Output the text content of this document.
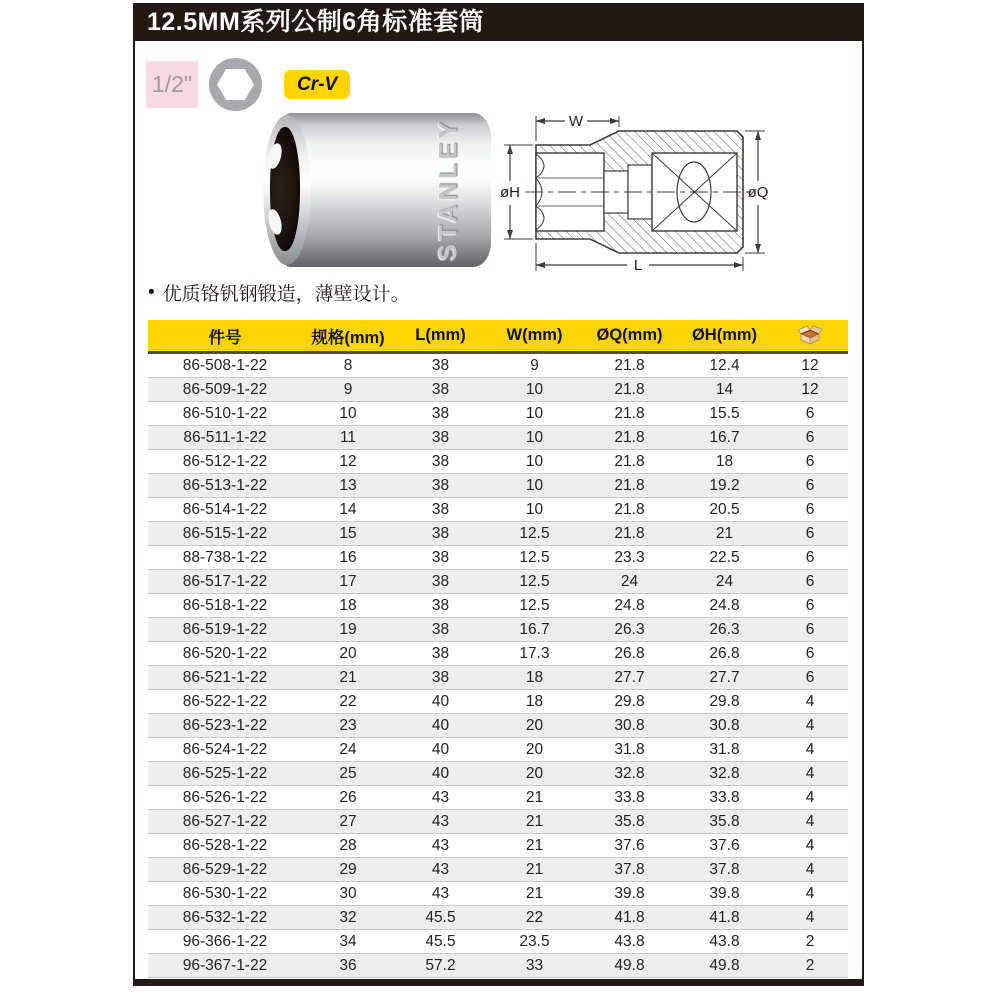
12.5MM系列公制6角标准套筒
1/2"	Cr-V
STANLEY	W
øH	øQ
L
• 优质铬钒钢锻造，薄壁设计。
件号	规格(mm)	L(mm)	W(mm)	ØQ(mm)	ØH(mm)	
86-508-1-22	8	38	9	21.8	12.4	12
86-509-1-22	9	38	10	21.8	14	12
86-510-1-22	10	38	10	21.8	15.5	6
86-511-1-22	11	38	10	21.8	16.7	6
86-512-1-22	12	38	10	21.8	18	6
86-513-1-22	13	38	10	21.8	19.2	6
86-514-1-22	14	38	10	21.8	20.5	6
86-515-1-22	15	38	12.5	21.8	21	6
88-738-1-22	16	38	12.5	23.3	22.5	6
86-517-1-22	17	38	12.5	24	24	6
86-518-1-22	18	38	12.5	24.8	24.8	6
86-519-1-22	19	38	16.7	26.3	26.3	6
86-520-1-22	20	38	17.3	26.8	26.8	6
86-521-1-22	21	38	18	27.7	27.7	6
86-522-1-22	22	40	18	29.8	29.8	4
86-523-1-22	23	40	20	30.8	30.8	4
86-524-1-22	24	40	20	31.8	31.8	4
86-525-1-22	25	40	20	32.8	32.8	4
86-526-1-22	26	43	21	33.8	33.8	4
86-527-1-22	27	43	21	35.8	35.8	4
86-528-1-22	28	43	21	37.6	37.6	4
86-529-1-22	29	43	21	37.8	37.8	4
86-530-1-22	30	43	21	39.8	39.8	4
86-532-1-22	32	45.5	22	41.8	41.8	4
96-366-1-22	34	45.5	23.5	43.8	43.8	2
96-367-1-22	36	57.2	33	49.8	49.8	2
